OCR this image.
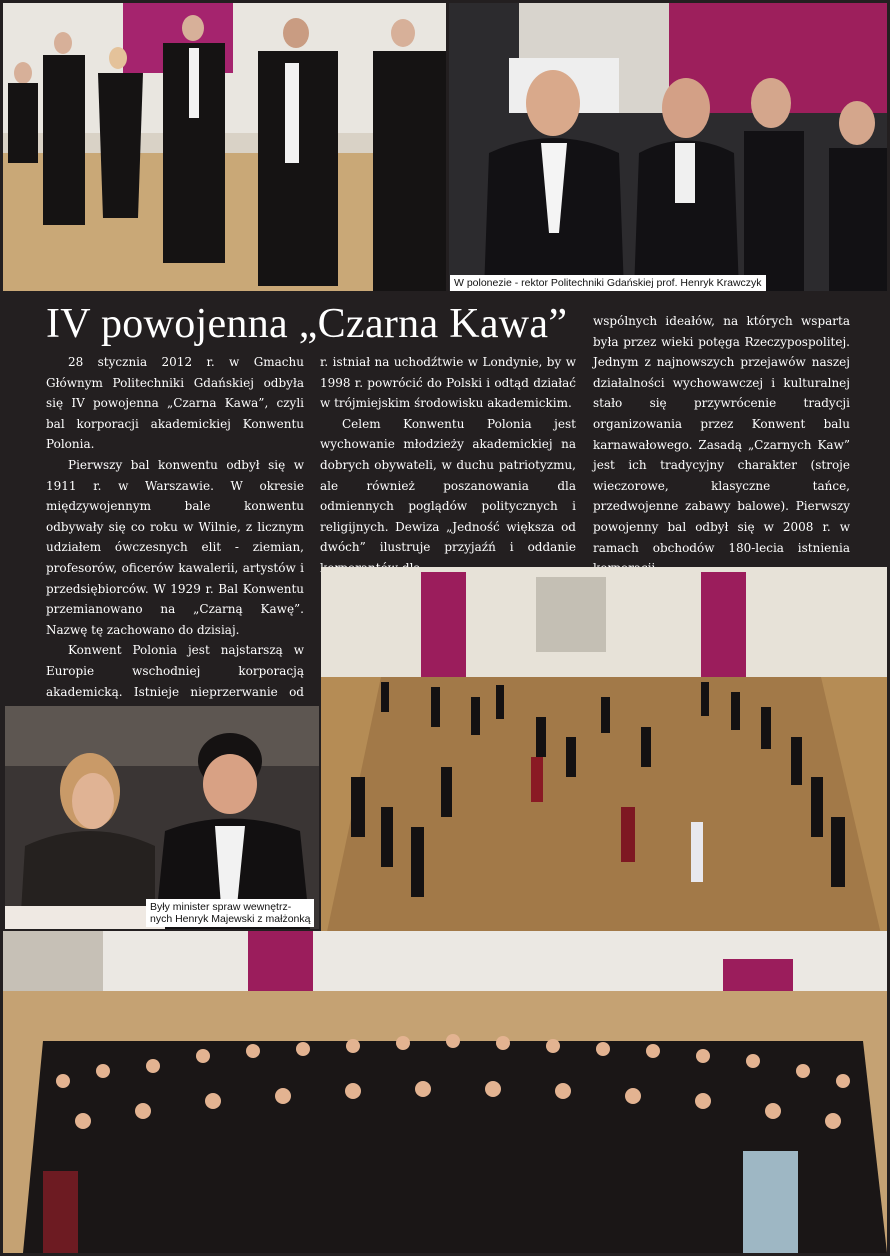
W polonezie - rektor Politechniki Gdańskiej prof. Henryk Krawczyk
IV powojenna „Czarna Kawa”

28 stycznia 2012 r. w Gmachu Głównym Politechniki Gdańskiej odbyła się IV powojenna „Czarna Kawa”, czyli bal korporacji akademickiej Konwentu Polonia.

Pierwszy bal konwentu odbył się w 1911 r. w Warszawie. W okresie międzywojennym bale konwentu odbywały się co roku w Wilnie, z licznym udziałem ówczesnych elit - ziemian, profesorów, oficerów kawalerii, artystów i przedsiębiorców. W 1929 r. Bal Konwentu przemianowano na „Czarną Kawę”. Nazwę tę zachowano do dzisiaj.

Konwent Polonia jest najstarszą w Europie wschodniej korporacją akademicką. Istnieje nieprzerwanie od

r. istniał na uchodźtwie w Londynie, by w 1998 r. powrócić do Polski i odtąd działać w trójmiejskim środowisku akademickim.

Celem Konwentu Polonia jest wychowanie młodzieży akademickiej na dobrych obywateli, w duchu patriotyzmu, ale również poszanowania dla odmiennych poglądów politycznych i religijnych. Dewiza „Jedność większa od dwóch” ilustruje przyjaźń i oddanie

wspólnych ideałów, na których wsparta była przez wieki potęga Rzeczypospolitej. Jednym z najnowszych przejawów naszej działalności wychowawczej i kulturalnej stało się przywrócenie tradycji organizowania przez Konwent balu karnawałowego. Zasadą „Czarnych Kaw” jest ich tradycyjny charakter (stroje wieczorowe, klasyczne tańce, przedwojenne zabawy balowe). Pierwszy powojenny bal odbył się w 2008 r. w ramach obchodów 180-lecia istnienia

Były minister spraw wewnętrz-
nych Henryk Majewski z małżonką
